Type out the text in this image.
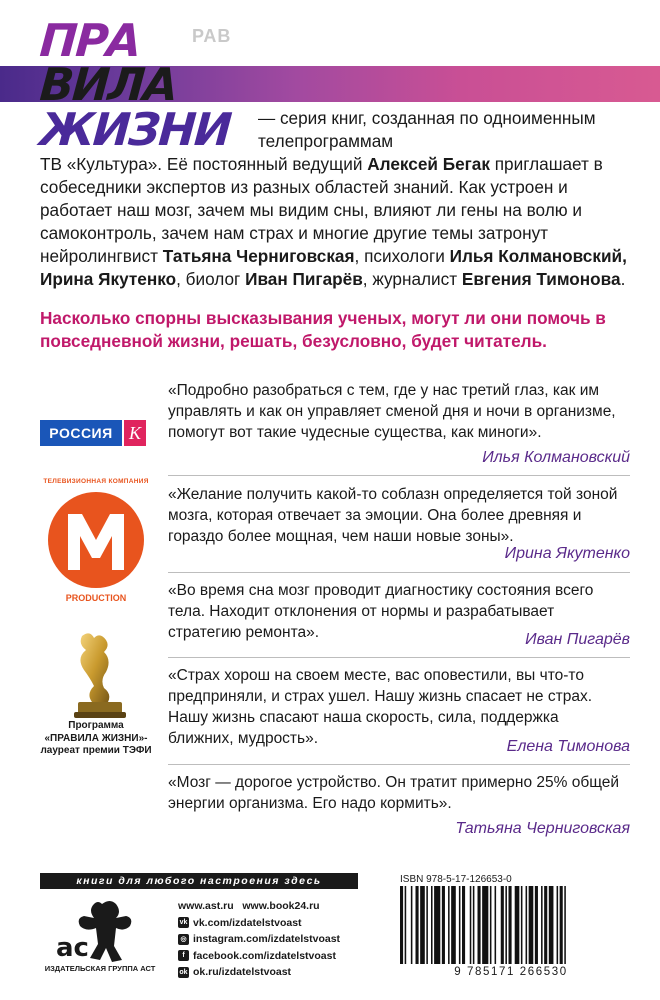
ПРА
ВИЛА
ЖИЗНИ
РАВ
— серия книг, созданная по одноименным телепрограммам
ТВ «Культура». Её постоянный ведущий Алексей Бегак приглашает в собеседники экспертов из разных областей знаний. Как устроен и работает наш мозг, зачем мы видим сны, влияют ли гены на волю и самоконтроль, зачем нам страх и многие другие темы затронут нейролингвист Татьяна Черниговская, психологи Илья Колмановский, Ирина Якутенко, биолог Иван Пигарёв, журналист Евгения Тимонова.
Насколько спорны высказывания ученых, могут ли они помочь в повседневной жизни, решать, безусловно, будет читатель.
«Подробно разобраться с тем, где у нас третий глаз, как им управлять и как он управляет сменой дня и ночи в организме, помогут вот такие чудесные существа, как миноги».
Илья Колмановский
«Желание получить какой-то соблазн определяется той зоной мозга, которая отвечает за эмоции. Она более древняя и гораздо более мощная, чем наши новые зоны».
Ирина Якутенко
«Во время сна мозг проводит диагностику состояния всего тела. Находит отклонения от нормы и разрабатывает стратегию ремонта».	Иван Пигарёв
«Страх хорош на своем месте, вас оповестили, вы что-то предприняли, и страх ушел. Нашу жизнь спасает не страх. Нашу жизнь спасают наша скорость, сила, поддержка ближних, мудрость».	Елена Тимонова
«Мозг — дорогое устройство. Он тратит примерно 25% общей энергии организма. Его надо кормить».
Татьяна Черниговская
РОССИЯ К
ТЕЛЕВИЗИОННАЯ КОМПАНИЯ
PRODUCTION
Программа
«ПРАВИЛА ЖИЗНИ»-
лауреат премии ТЭФИ
книги для любого настроения здесь
ac
ИЗДАТЕЛЬСКАЯ ГРУППА АСТ
www.ast.ru   www.book24.ru
vk vk.com/izdatelstvoast
◎ instagram.com/izdatelstvoast
f facebook.com/izdatelstvoast
ok ok.ru/izdatelstvoast
ISBN 978-5-17-126653-0
9 785171 266530
